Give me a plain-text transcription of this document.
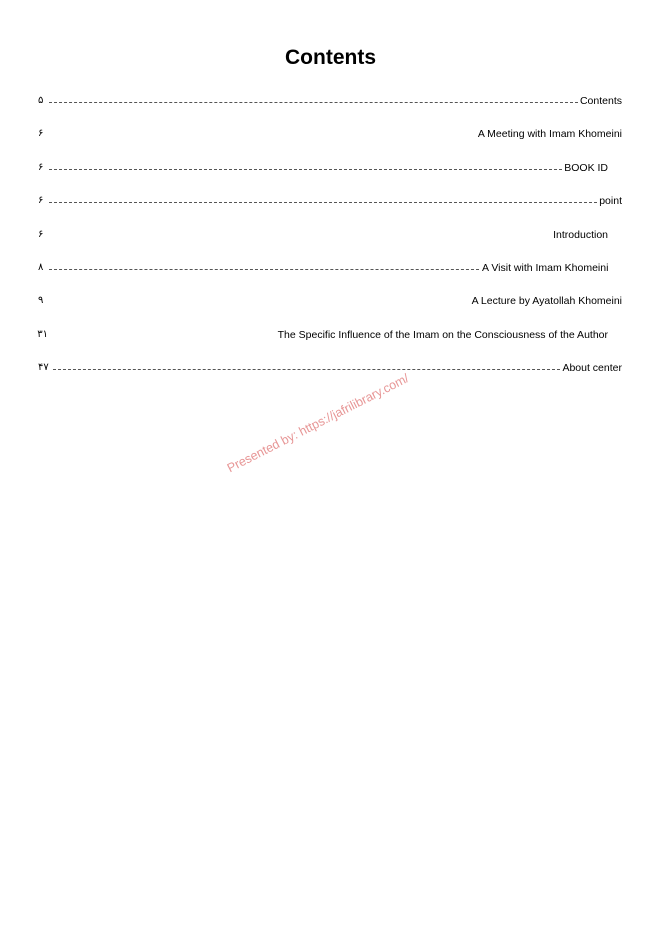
Contents
۵	Contents
۶	A Meeting with Imam Khomeini
۶	BOOK ID
۶	point
۶	Introduction
۸	A Visit with Imam Khomeini
۹	A Lecture by Ayatollah Khomeini
۳۱	The Specific Influence of the Imam on the Consciousness of the Author
۴۷	About center
Presented by: https://jafrilibrary.com/
